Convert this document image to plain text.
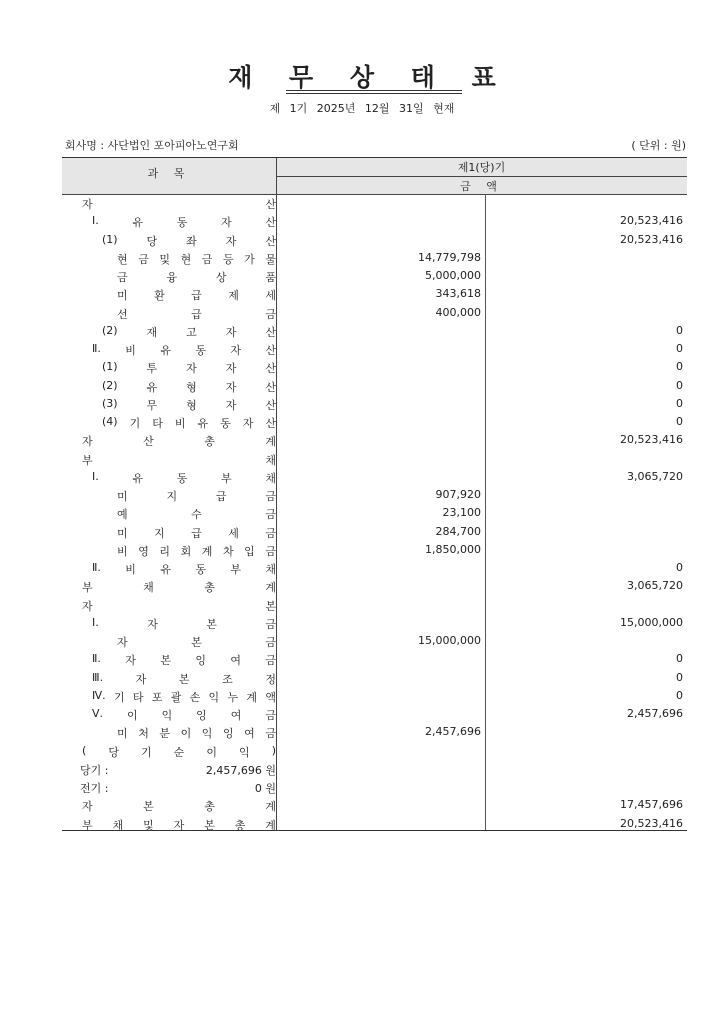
재 무 상 태 표
제 1기 2025년 12월 31일 현재
회사명 : 사단법인 포아피아노연구회	( 단위 : 원)
과 목	제1(당)기
금 액
자	산
Ⅰ.	유	동	자	산	20,523,416
(1)	당	좌	자	산	20,523,416
현 금 및 현 금 등 가 물	14,779,798
금	융	상	품	5,000,000
미 환 급 제 세	343,618
선	급	금	400,000
(2)	재	고	자	산	0
Ⅱ. 비 유 동 자 산	0
(1)	투	자	자	산	0
(2)	유	형	자	산	0
(3)	무	형	자	산	0
(4) 기 타 비 유 동 자 산	0
자	산	총	계	20,523,416
부	채
Ⅰ.	유	동	부	채	3,065,720
미	지	급	금	907,920
예	수	금	23,100
미 지 급 세 금	284,700
비 영 리 회 계 차 입 금	1,850,000
Ⅱ. 비 유 동 부 채	0
부	채	총	계	3,065,720
자	본
Ⅰ.	자	본	금	15,000,000
자	본	금	15,000,000
Ⅱ. 자 본 잉 여 금	0
Ⅲ.	자	본	조	정	0
Ⅳ. 기 타 포 괄 손 익 누 계 액	0
Ⅴ. 이 익 잉 여 금	2,457,696
미 처 분 이 익 잉 여 금	2,457,696
( 당 기 순 이 익 )
당기 :	2,457,696 원
전기 :	0 원
자	본	총	계	17,457,696
부 채 및 자 본 총 계	20,523,416
